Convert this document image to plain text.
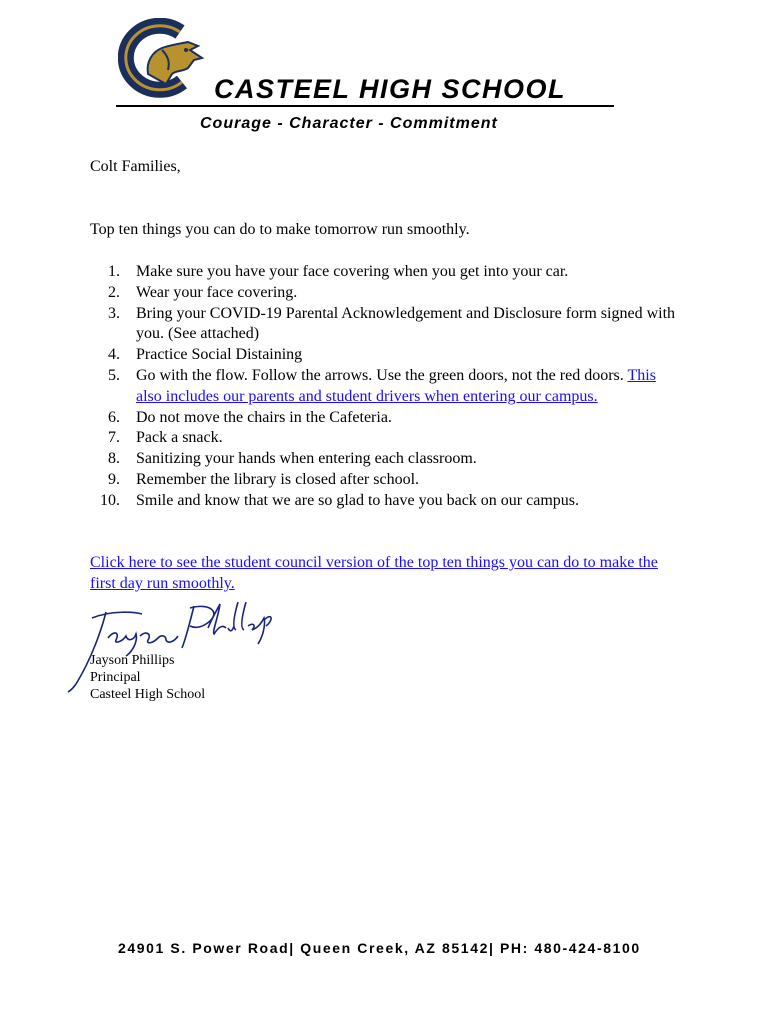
CASTEEL HIGH SCHOOL
Courage - Character - Commitment
Colt Families,
Top ten things you can do to make tomorrow run smoothly.
1. Make sure you have your face covering when you get into your car.
2. Wear your face covering.
3. Bring your COVID-19 Parental Acknowledgement and Disclosure form signed with you. (See attached)
4. Practice Social Distaining
5. Go with the flow. Follow the arrows. Use the green doors, not the red doors. This also includes our parents and student drivers when entering our campus.
6. Do not move the chairs in the Cafeteria.
7. Pack a snack.
8. Sanitizing your hands when entering each classroom.
9. Remember the library is closed after school.
10. Smile and know that we are so glad to have you back on our campus.
Click here to see the student council version of the top ten things you can do to make the first day run smoothly.
Jayson Phillips
Principal
Casteel High School
24901 S. Power Road| Queen Creek, AZ 85142| PH: 480-424-8100
